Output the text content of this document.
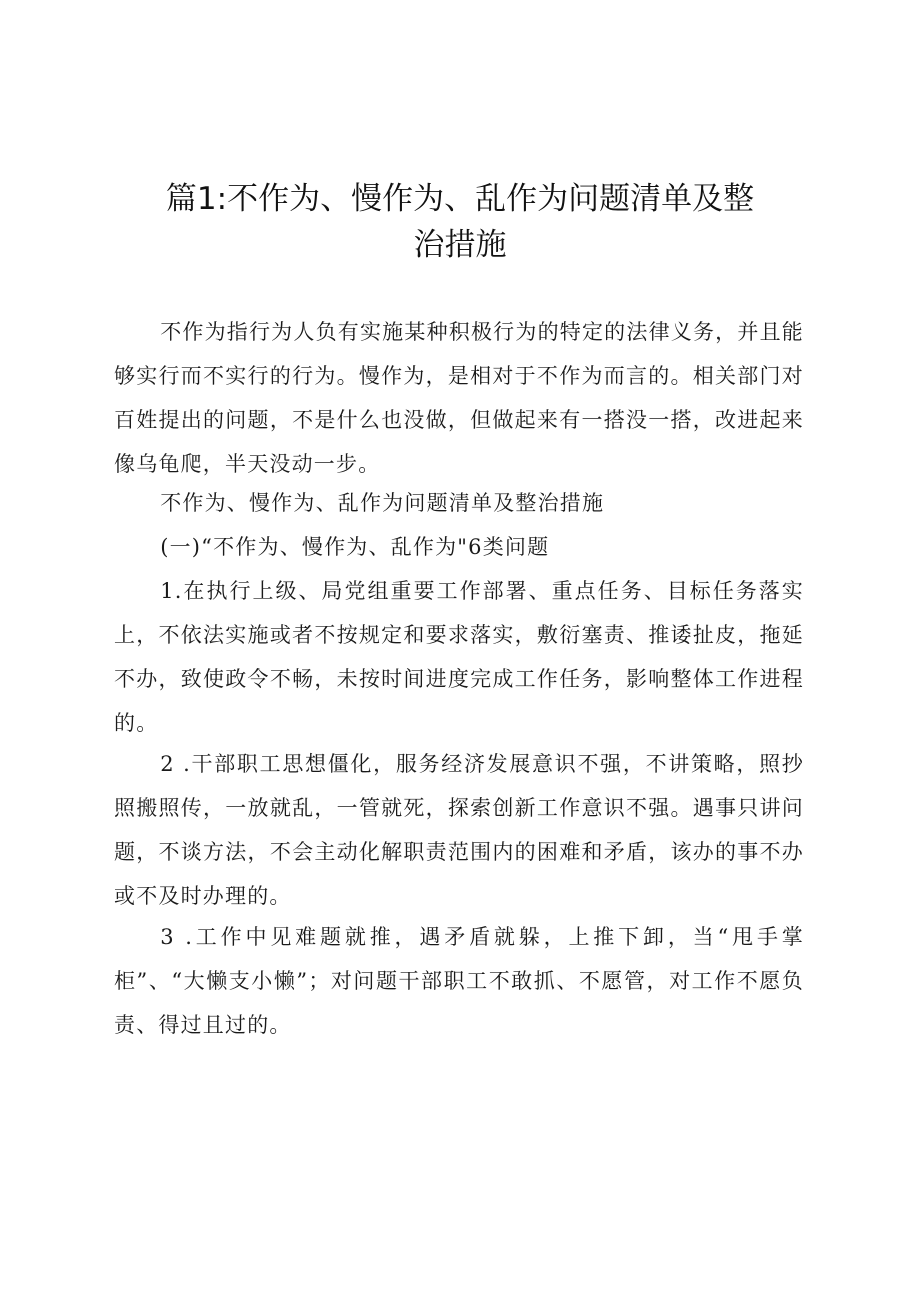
篇1:不作为、慢作为、乱作为问题清单及整
治措施

不作为指行为人负有实施某种积极行为的特定的法律义务，并且能够实行而不实行的行为。慢作为，是相对于不作为而言的。相关部门对百姓提出的问题，不是什么也没做，但做起来有一搭没一搭，改进起来像乌龟爬，半天没动一步。

不作为、慢作为、乱作为问题清单及整治措施

(一)“不作为、慢作为、乱作为"6类问题

1.在执行上级、局党组重要工作部署、重点任务、目标任务落实上，不依法实施或者不按规定和要求落实，敷衍塞责、推诿扯皮，拖延不办，致使政令不畅，未按时间进度完成工作任务，影响整体工作进程的。

2 .干部职工思想僵化，服务经济发展意识不强，不讲策略，照抄照搬照传，一放就乱，一管就死，探索创新工作意识不强。遇事只讲问题，不谈方法，不会主动化解职责范围内的困难和矛盾，该办的事不办或不及时办理的。

3 .工作中见难题就推，遇矛盾就躲，上推下卸，当“甩手掌柜”、“大懒支小懒”；对问题干部职工不敢抓、不愿管，对工作不愿负责、得过且过的。
